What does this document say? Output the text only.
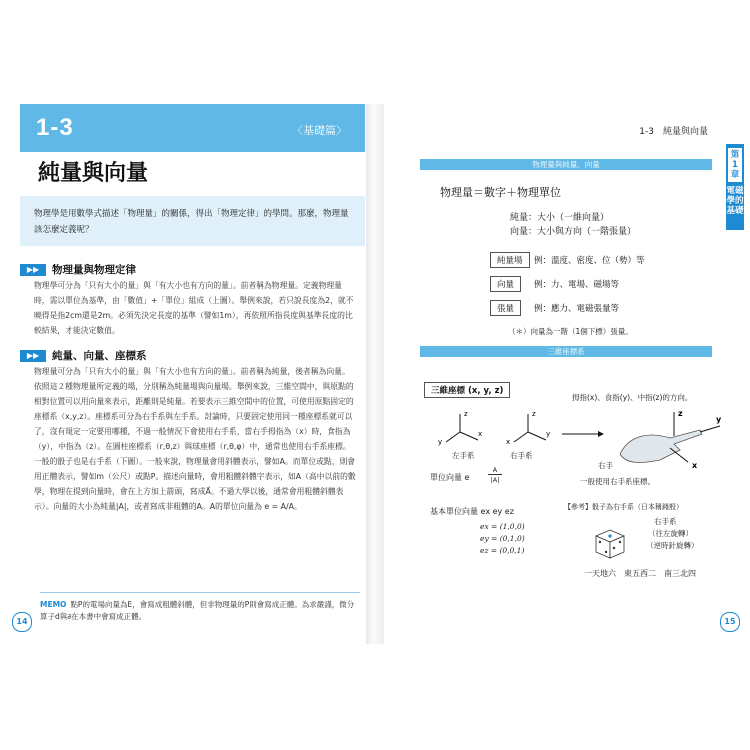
1-3	〈基礎篇〉
純量與向量

物理學是用數學式描述「物理量」的關係，得出「物理定律」的學問。那麼，物理量該怎麼定義呢？

▶▶ 物理量與物理定律

物理學可分為「只有大小的量」與「有大小也有方向的量」。前者稱為物理量。定義物理量時，需以單位為基準，由「數值」+「單位」組成（上圖）。舉例來說，若只說長度為2，就不曉得是指2cm還是2m。必須先決定長度的基準（譬如1m），再依照所指長度與基準長度的比較結果，才能決定數值。

▶▶ 純量、向量、座標系

物理量可分為「只有大小的量」與「有大小也有方向的量」。前者稱為純量，後者稱為向量。依照這２種物理量所定義的場，分別稱為純量場與向量場。舉例來說，三維空間中，與原點的相對位置可以用向量來表示，距離則是純量。若要表示三維空間中的位置，可使用原點固定的座標系（x,y,z）。座標系可分為右手系與左手系。討論時，只要固定使用同一種座標系就可以了，沒有規定一定要用哪種，不過一般情況下會使用右手系，當右手拇指為（x）時，食指為（y），中指為（z）。在圓柱座標系（r,θ,z）與球座標（r,θ,φ）中，通常也使用右手系座標。一般的骰子也是右手系（下圖）。一般來說，物理量會用斜體表示，譬如A。而單位或點，則會用正體表示，譬如m（公尺）或點P。描述向量時，會用粗體斜體字表示，如A（高中以前的數學，物理在提到向量時，會在上方加上箭頭，寫成A⃗。不過大學以後，通常會用粗體斜體表示）。向量的大小為純量|A|，或者寫成非粗體的A。A的單位向量為 e = A/A。

MEMO 點P的電場向量為E，會寫成粗體斜體，但非物理量的P則會寫成正體。為求嚴謹，微分算子d與∂在本書中會寫成正體。
14
1-3　純量與向量
第1章
電磁學的基礎
物理量與純量、向量
物理量＝數字＋物理單位
純量：大小（一維向量）
向量：大小與方向（一階張量）
純量場	例：溫度、密度、位（勢）等
向量	例：力、電場、磁場等
張量	例：應力、電磁張量等
（＊）向量為一階（1個下標）張量。
三維座標系
三維座標 (x, y, z)
z
x
y
z
x
y
左手系	右手系
拇指(x)、食指(y)、中指(z)的方向。
z
y
x
右手
一般使用右手系座標。
單位向量 e
A
|A|
基本單位向量 ex ey ez
ex = (1,0,0)
ey = (0,1,0)
ez = (0,0,1)
【參考】骰子為右手系（日本稱錢般）
右手系
（往左旋轉）
（逆時針旋轉）
一天地六　東五西二　南三北四
15
